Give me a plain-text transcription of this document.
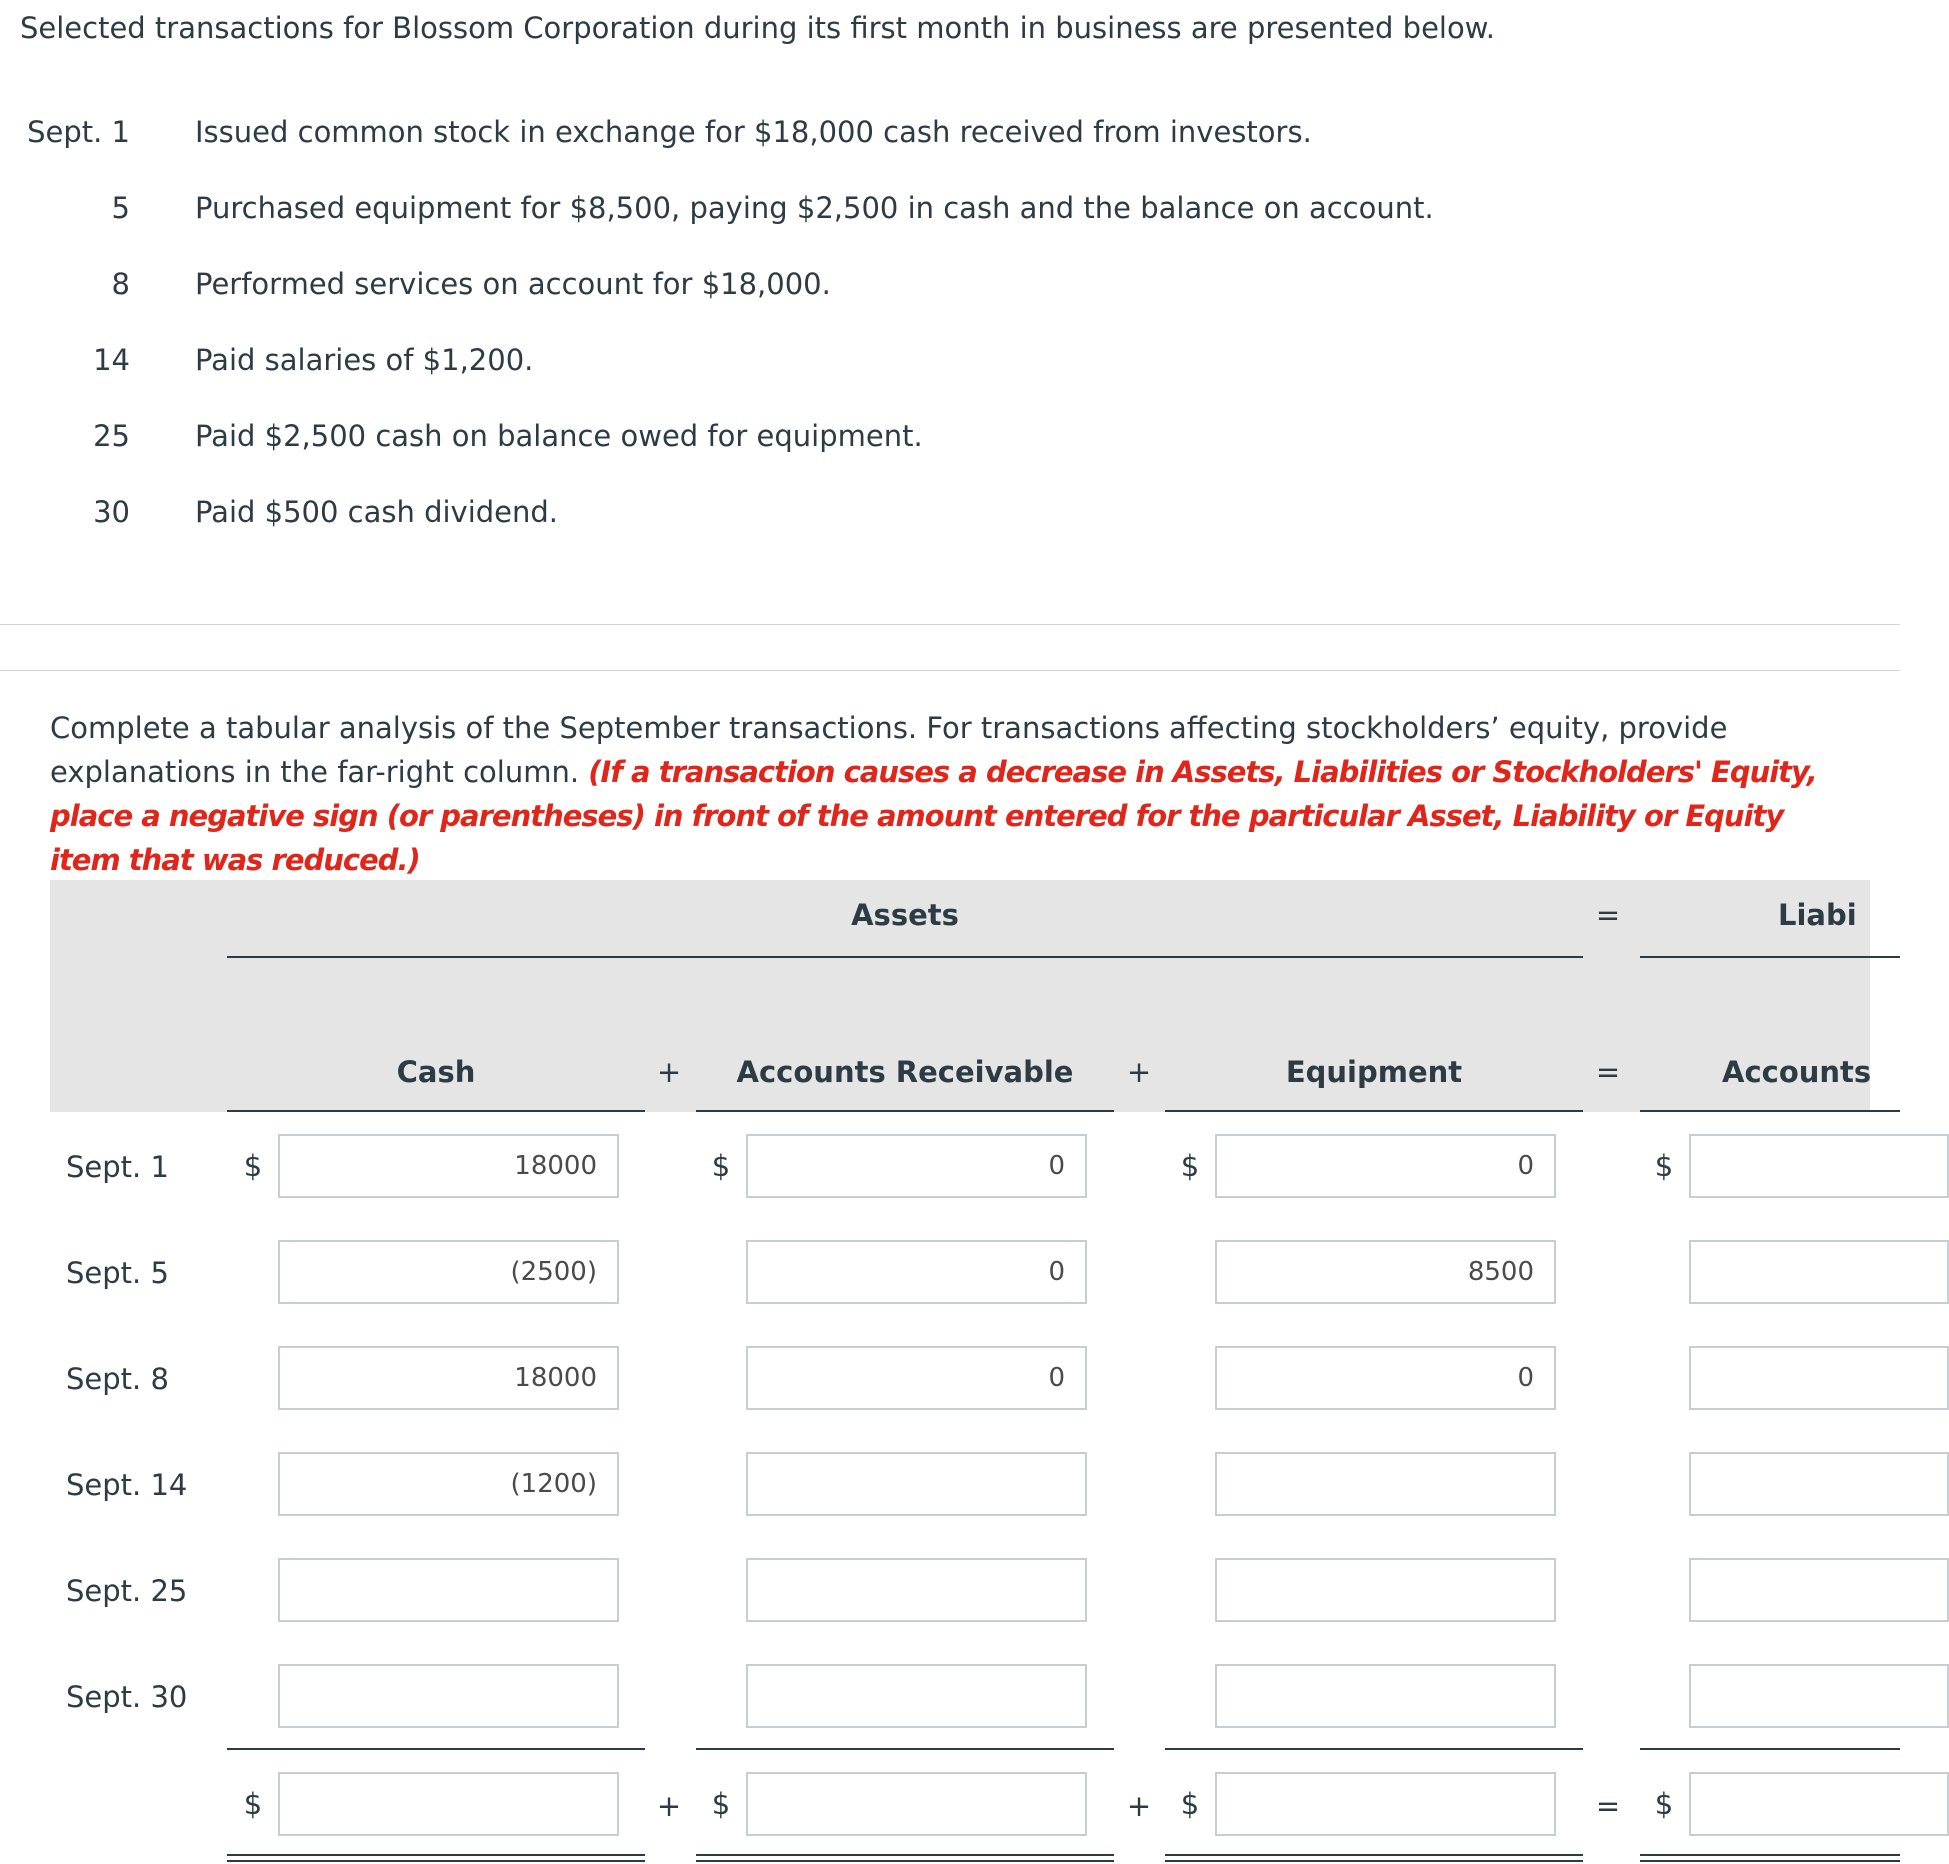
Selected transactions for Blossom Corporation during its first month in business are presented below.
Sept. 1 Issued common stock in exchange for $18,000 cash received from investors.
5 Purchased equipment for $8,500, paying $2,500 in cash and the balance on account.
8 Performed services on account for $18,000.
14 Paid salaries of $1,200.
25 Paid $2,500 cash on balance owed for equipment.
30 Paid $500 cash dividend.
Complete a tabular analysis of the September transactions. For transactions affecting stockholders’ equity, provide explanations in the far-right column. (If a transaction causes a decrease in Assets, Liabilities or Stockholders' Equity, place a negative sign (or parentheses) in front of the amount entered for the particular Asset, Liability or Equity item that was reduced.)
Assets	=	Liabi
Cash	+	Accounts Receivable	+	Equipment	=	Accounts
Sept. 1	$	18000	$	0	$	0	$
Sept. 5	(2500)	0	8500
Sept. 8	18000	0	0
Sept. 14	(1200)
Sept. 25
Sept. 30
$	+ $	+ $	= $
